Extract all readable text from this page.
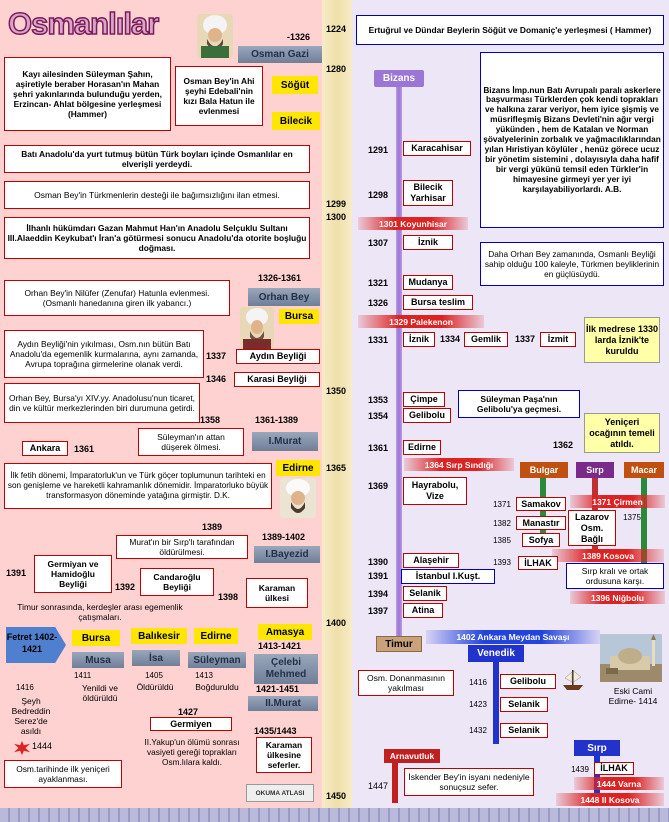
1224
1280
1299
1300
1350
1365
1400
1450
Osmanlılar	-1326
Osman Gazi
Kayı ailesinden Süleyman Şahın, aşiretiyle beraber Horasan'ın Mahan şehri yakınlarında bulunduğu yerden, Erzincan- Ahlat bölgesine yerleşmesi (Hammer)
Osman Bey'in Ahi şeyhi Edebali'nin kızı Bala Hatun ile evlenmesi
Söğüt
Bilecik
Batı Anadolu'da yurt tutmuş bütün Türk boyları içinde Osmanlılar en elverişli yerdeydi.
Osman Bey'in Türkmenlerin desteği ile bağımsızlığını ilan etmesi.
İlhanlı hükümdarı Gazan Mahmut Han'ın Anadolu Selçuklu Sultanı III.Alaeddin Keykubat'ı İran'a götürmesi sonucu Anadolu'da otorite boşluğu doğması.
1326-1361
Orhan Bey
Bursa
Orhan Bey'in Nilüfer (Zenufar) Hatunla evlenmesi. (Osmanlı hanedanına giren ilk yabancı.)
Aydın Beyliği'nin yıkılması, Osm.nın bütün Batı Anadolu'da egemenlik kurmalarına, aynı zamanda, Avrupa toprağına girmelerine olanak verdi.
1337	Aydın Beyliği
1346	Karasi Beyliği
Orhan Bey, Bursa'yı XIV.yy. Anadolusu'nun ticaret, din ve kültür merkezlerinden biri durumuna getirdi.
1358	1361-1389
Süleyman'ın attan düşerek ölmesi.	I.Murat
Ankara	1361
Edirne
İlk fetih dönemi, İmparatorluk'un ve Türk göçer toplumunun tarihteki en son genişleme ve hareketli kahramanlık dönemidir. İmparatorluko büyük transformasyon döneminde yatağına girmiştir. D.K.
1389
1389-1402
Murat'ın bir Sırp'lı tarafından öldürülmesi.	I.Bayezid
1391
Germiyan ve Hamidoğlu Beyliği	1392
Candaroğlu Beyliği
1398
Karaman ülkesi
Timur sonrasında, kerdeşler arası egemenlik çatışmaları.
Fetret 1402-1421
Bursa	Balıkesir	Edirne	Amasya
1413-1421
Musa	İsa	Süleyman	Çelebi Mehmed
1411	1405	1413
Yenildi ve öldürüldü
Öldürüldü	Boğduruldu	1421-1451
II.Murat
1416
Şeyh Bedreddin Serez'de asıldı
1444
Osm.tarihinde ilk yeniçeri ayaklanması.
1427
Germiyen
II.Yakup'un ölümü sonrası vasiyeti gereği toprakları Osm.lılara kaldı.
1435/1443
Karaman ülkesine seferler.
OKUMA ATLASI
Ertuğrul ve Dündar Beylerin Söğüt ve Domaniç'e yerleşmesi ( Hammer)
Bizans
Bizans İmp.nun Batı Avrupalı paralı askerlere başvurması Türklerden çok kendi toprakları ve halkına zarar veriyor, hem iyice şişmiş ve müsrifleşmiş Bizans Devleti'nin ağır vergi yükünden , hem de Katalan ve Norman şövalyelerinin zorbalık ve yağmacılıklarından yılan Hıristiyan köylüler , henüz görece ucuz bir yönetim sistemini , dolayısıyla daha hafif bir vergi yükünü temsil eden Türkler'in himayesine girmeyi yer yer iyi karşılayabiliyorlardı. A.B.
1291	Karacahisar
1298
Bilecik Yarhisar
1301 Koyunhisar
1307	İznik
Daha Orhan Bey zamanında, Osmanlı Beyliği sahip olduğu 100 kaleyle, Türkmen beyliklerinin en güçlüsüydü.
1321	Mudanya
1326	Bursa teslim
1329 Palekenon
1331	İznik	1334	Gemlik	1337	İzmit
İlk medrese 1330 larda İznik'te kuruldu
1353	Çimpe
1354	Gelibolu
Süleyman Paşa'nın Gelibolu'ya geçmesi.
Yeniçeri ocağının temeli atıldı.
1362
1361	Edirne
1364 Sırp Sındığı
Bulgar	Sırp	Macar
1369	Hayrabolu, Vize
1371	Samakov	1371 Çirmen
1375
Lazarov Osm. Bağlı
1382	Manastır
1385	Sofya
1389 Kosova
1390	Alaşehir	1393	İLHAK
1391	İstanbul I.Kuşt.	Sırp kralı ve ortak ordusuna karşı.
1394	Selanik	1396 Niğbolu
1397	Atina
Timur
1402 Ankara Meydan Savaşı
Venedik
Osm. Donanmasının yakılması
1416	Gelibolu
1423	Selanik
1432	Selanik
Eski Cami Edirne- 1414
Arnavutluk
Sırp
1439	İLHAK
1444 Varna
1447
İskender Bey'in isyanı nedeniyle sonuçsuz sefer.
1448 II Kosova
